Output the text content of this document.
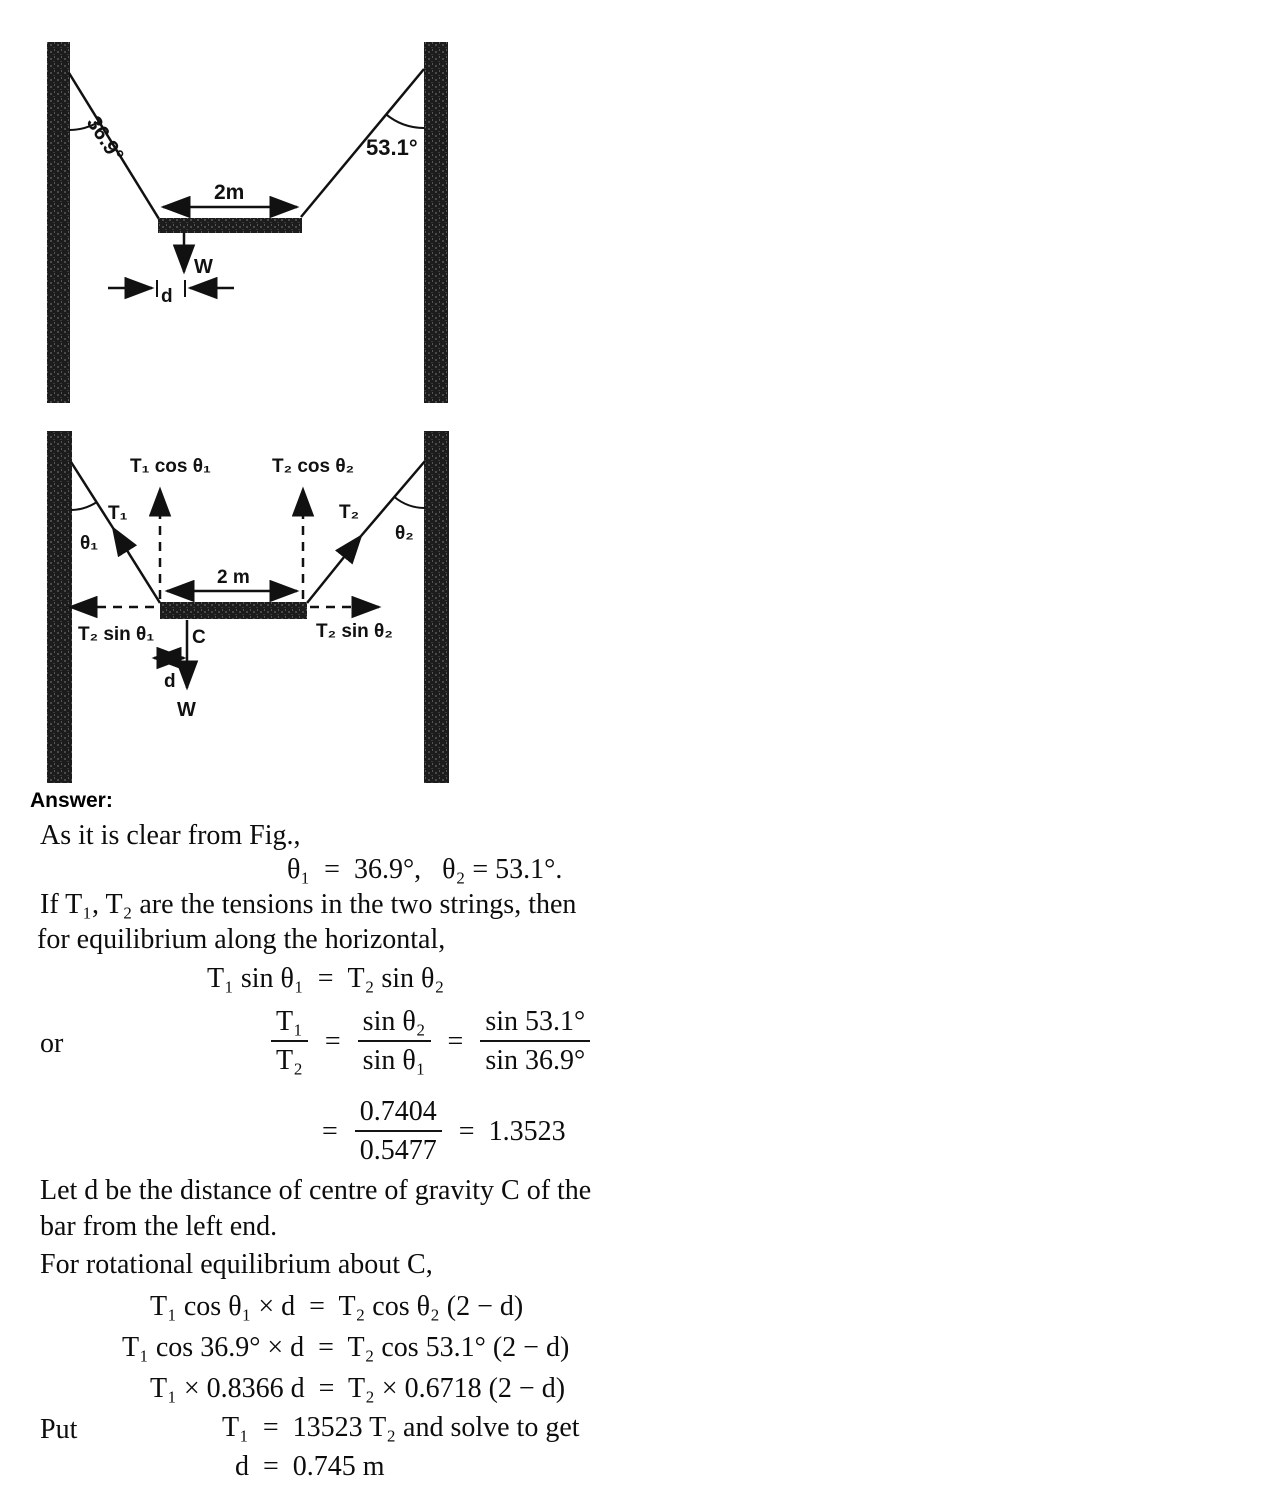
36.9°	53.1°
2m
W
d
T₁ cos θ₁	T₂ cos θ₂
T₁	T₂
θ₁	θ₂
2 m
T₂ sin θ₁	T₂ sin θ₂
C
d
W
Answer:
As it is clear from Fig.,
θ₁  =  36.9°,   θ₂ = 53.1°.
If T₁, T₂ are the tensions in the two strings, then
for equilibrium along the horizontal,
T₁ sin θ₁  =  T₂ sin θ₂
or	$\frac{\text{T₁}}{\text{T₂}} = \frac{\text{sin θ₂}}{\text{sin θ₁}} = \frac{\sin 53.1^\circ}{\sin 36.9^\circ}$
= $\frac{0.7404}{0.5477} = 1.3523$
Let d be the distance of centre of gravity C of the
bar from the left end.
For rotational equilibrium about C,
T₁ cos θ₁ × d  =  T₂ cos θ₂ (2 − d)
T₁ cos 36.9° × d  =  T₂ cos 53.1° (2 − d)
T₁ × 0.8366 d  =  T₂ × 0.6718 (2 − d)
Put	T₁  =  13523 T₂ and solve to get
d  =  0.745 m
